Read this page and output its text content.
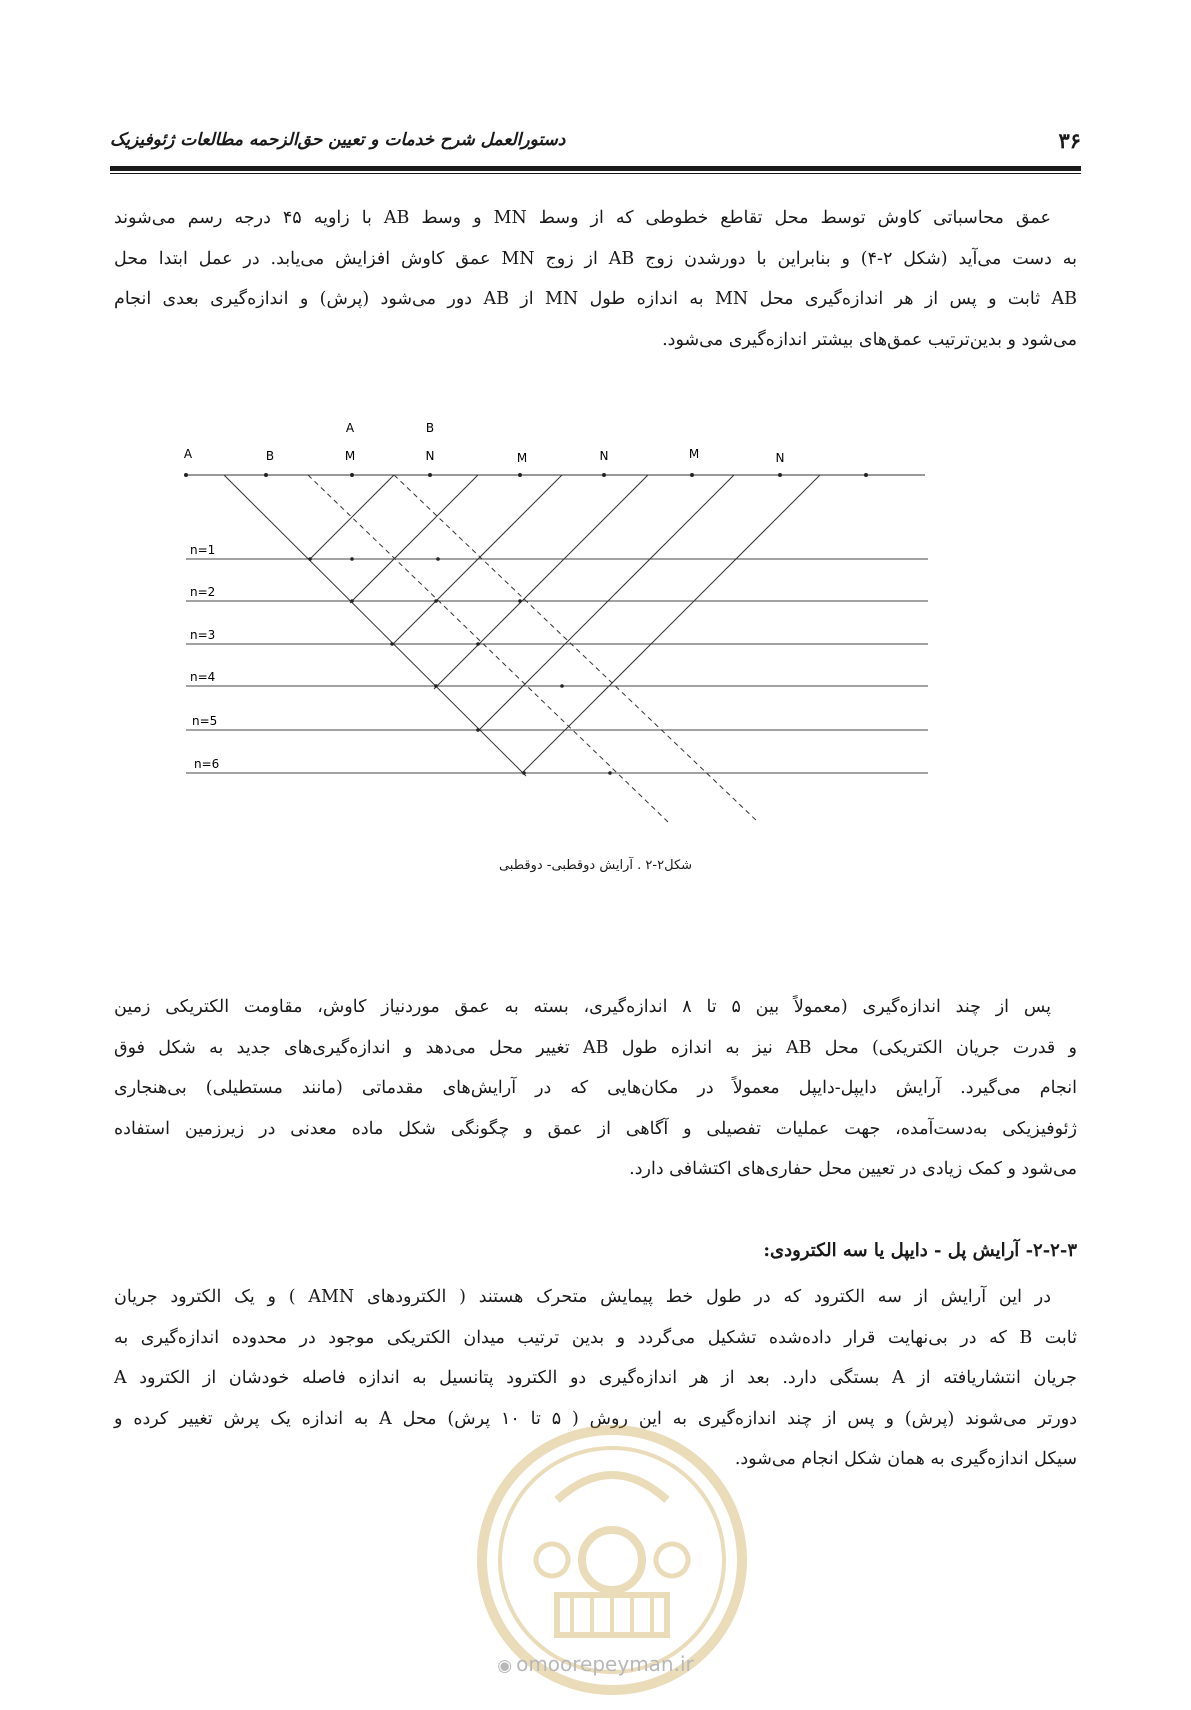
۳۶
دستورالعمل شرح خدمات و تعیین حق‌الزحمه مطالعات ژئوفیزیک
عمق محاسباتی کاوش توسط محل تقاطع خطوطی که از وسط MN و وسط AB با زاویه ۴۵ درجه رسم می‌شوند
به دست می‌آید (شکل ۲-۴) و بنابراین با دورشدن زوج AB از زوج MN عمق کاوش افزایش می‌یابد. در عمل ابتدا محل
AB ثابت و پس از هر اندازه‌گیری محل MN به اندازه طول MN از AB دور می‌شود (پرش) و اندازه‌گیری بعدی انجام
می‌شود و بدین‌ترتیب عمق‌های بیشتر اندازه‌گیری می‌شود.
A	B
A	B	M	N	M	N	M	N
n=1
n=2
n=3
n=4
n=5
n=6
شکل۲-۲ . آرایش دوقطبی- دوقطبی
پس از چند اندازه‌گیری (معمولاً بین ۵ تا ۸ اندازه‌گیری، بسته به عمق موردنیاز کاوش، مقاومت الکتریکی زمین
و قدرت جریان الکتریکی) محل AB نیز به اندازه طول AB تغییر محل می‌دهد و اندازه‌گیری‌های جدید به شکل فوق
انجام می‌گیرد. آرایش دایپل-دایپل معمولاً در مکان‌هایی که در آرایش‌های مقدماتی (مانند مستطیلی) بی‌هنجاری
ژئوفیزیکی به‌دست‌آمده، جهت عملیات تفصیلی و آگاهی از عمق و چگونگی شکل ماده معدنی در زیرزمین استفاده
می‌شود و کمک زیادی در تعیین محل حفاری‌های اکتشافی دارد.
۲-۲-۳- آرایش پل - دایپل یا سه الکترودی:
در این آرایش از سه الکترود که در طول خط پیمایش متحرک هستند ( الکترودهای AMN ) و یک الکترود جریان
ثابت B که در بی‌نهایت قرار داده‌شده تشکیل می‌گردد و بدین ترتیب میدان الکتریکی موجود در محدوده اندازه‌گیری به
جریان انتشاریافته از A بستگی دارد. بعد از هر اندازه‌گیری دو الکترود پتانسیل به اندازه فاصله خودشان از الکترود A
دورتر می‌شوند (پرش) و پس از چند اندازه‌گیری به این روش ( ۵ تا ۱۰ پرش) محل A به اندازه یک پرش تغییر کرده و
سیکل اندازه‌گیری به همان شکل انجام می‌شود.
◉ omoorepeyman.ir
